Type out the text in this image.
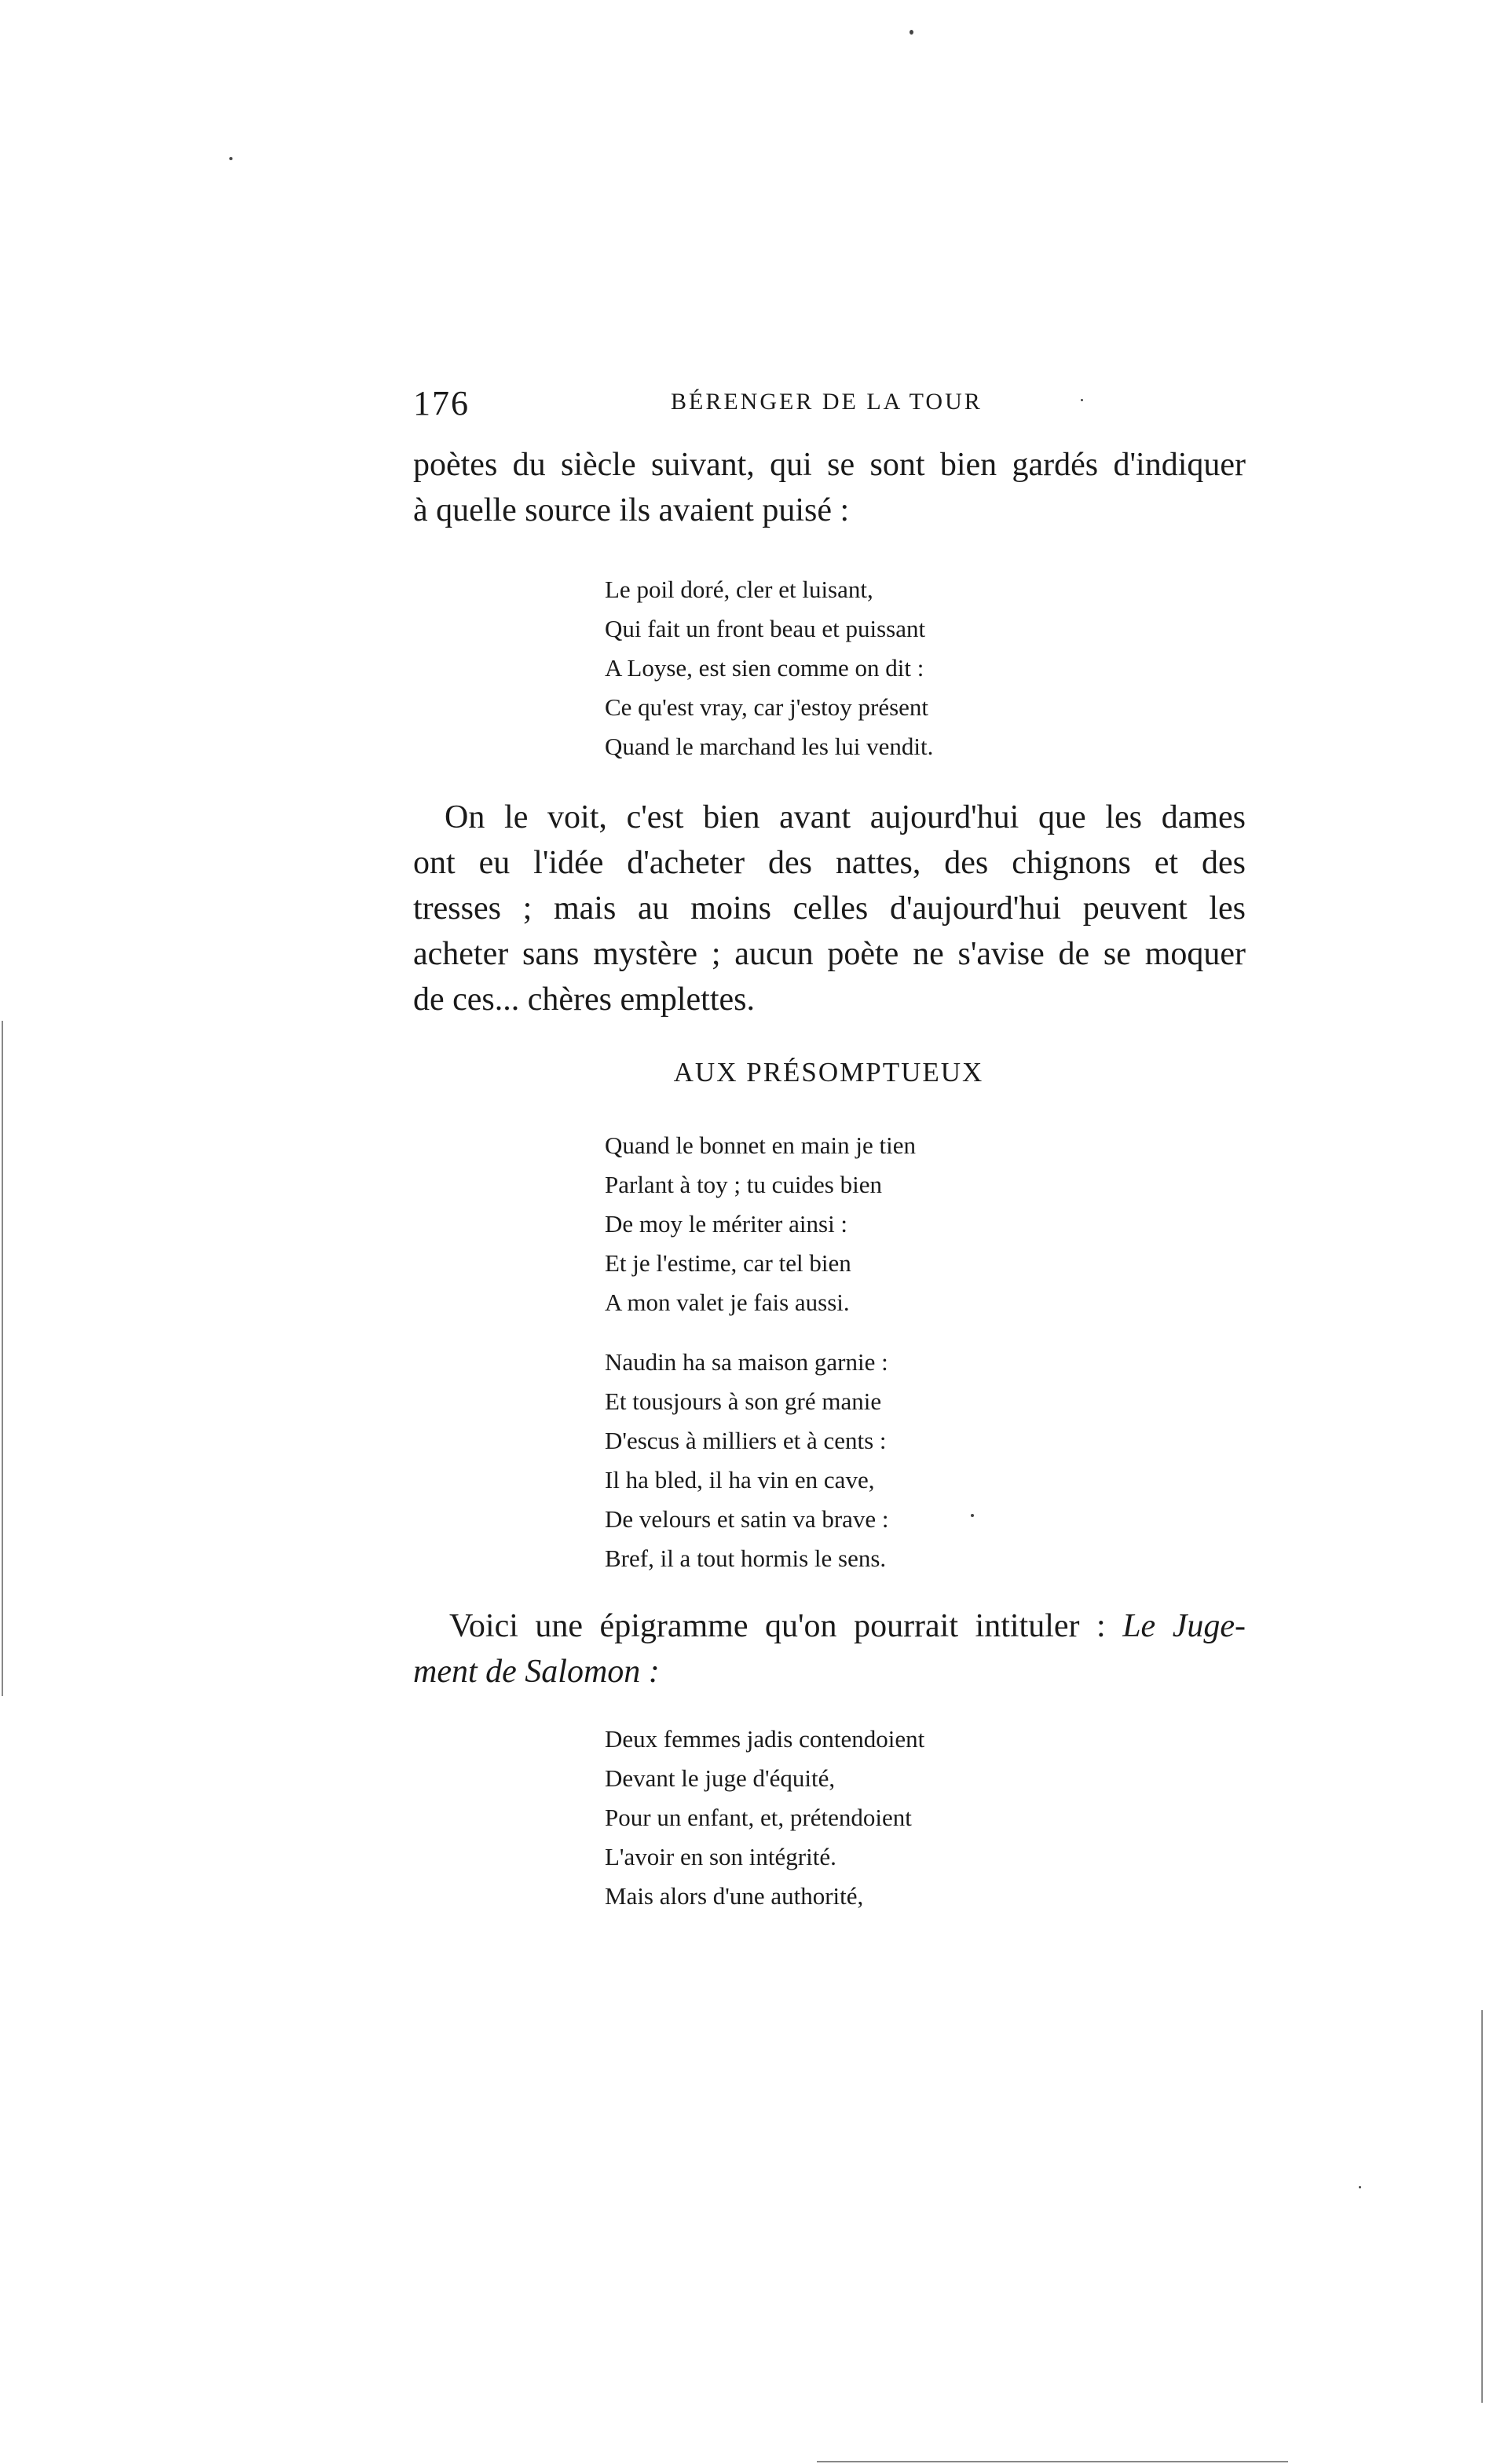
176	BÉRENGER DE LA TOUR
poètes du siècle suivant, qui se sont bien gardés d'indiquer
à quelle source ils avaient puisé :
Le poil doré, cler et luisant,
Qui fait un front beau et puissant
A Loyse, est sien comme on dit :
Ce qu'est vray, car j'estoy présent
Quand le marchand les lui vendit.
On le voit, c'est bien avant aujourd'hui que les dames
ont eu l'idée d'acheter des nattes, des chignons et des
tresses ; mais au moins celles d'aujourd'hui peuvent les
acheter sans mystère ; aucun poète ne s'avise de se moquer
de ces... chères emplettes.
AUX PRÉSOMPTUEUX
Quand le bonnet en main je tien
Parlant à toy ; tu cuides bien
De moy le mériter ainsi :
Et je l'estime, car tel bien
A mon valet je fais aussi.
Naudin ha sa maison garnie :
Et tousjours à son gré manie
D'escus à milliers et à cents :
Il ha bled, il ha vin en cave,
De velours et satin va brave :
Bref, il a tout hormis le sens.
Voici une épigramme qu'on pourrait intituler : Le Juge-
ment de Salomon :
Deux femmes jadis contendoient
Devant le juge d'équité,
Pour un enfant, et, prétendoient
L'avoir en son intégrité.
Mais alors d'une authorité,
